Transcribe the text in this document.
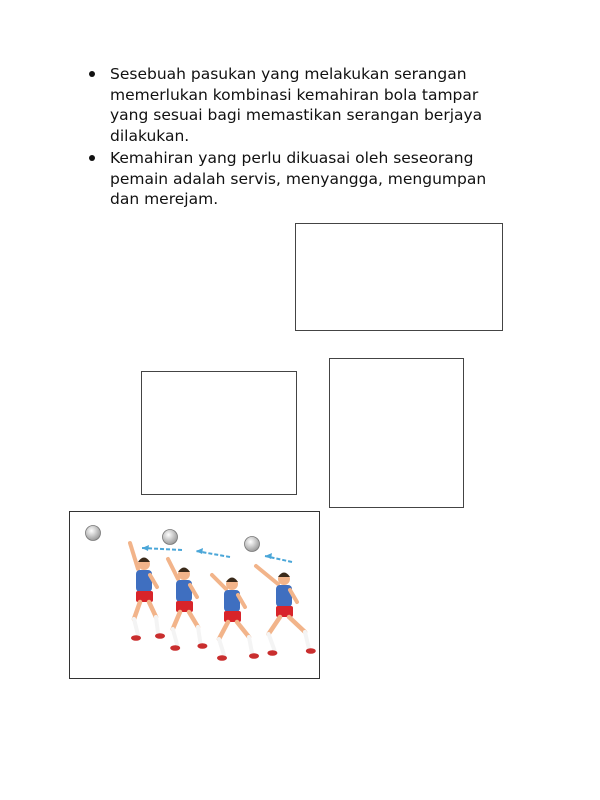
Sesebuah pasukan yang melakukan serangan memerlukan kombinasi kemahiran bola tampar yang sesuai bagi memastikan serangan berjaya dilakukan.
Kemahiran yang perlu dikuasai oleh seseorang pemain adalah servis, menyangga, mengumpan dan merejam.
